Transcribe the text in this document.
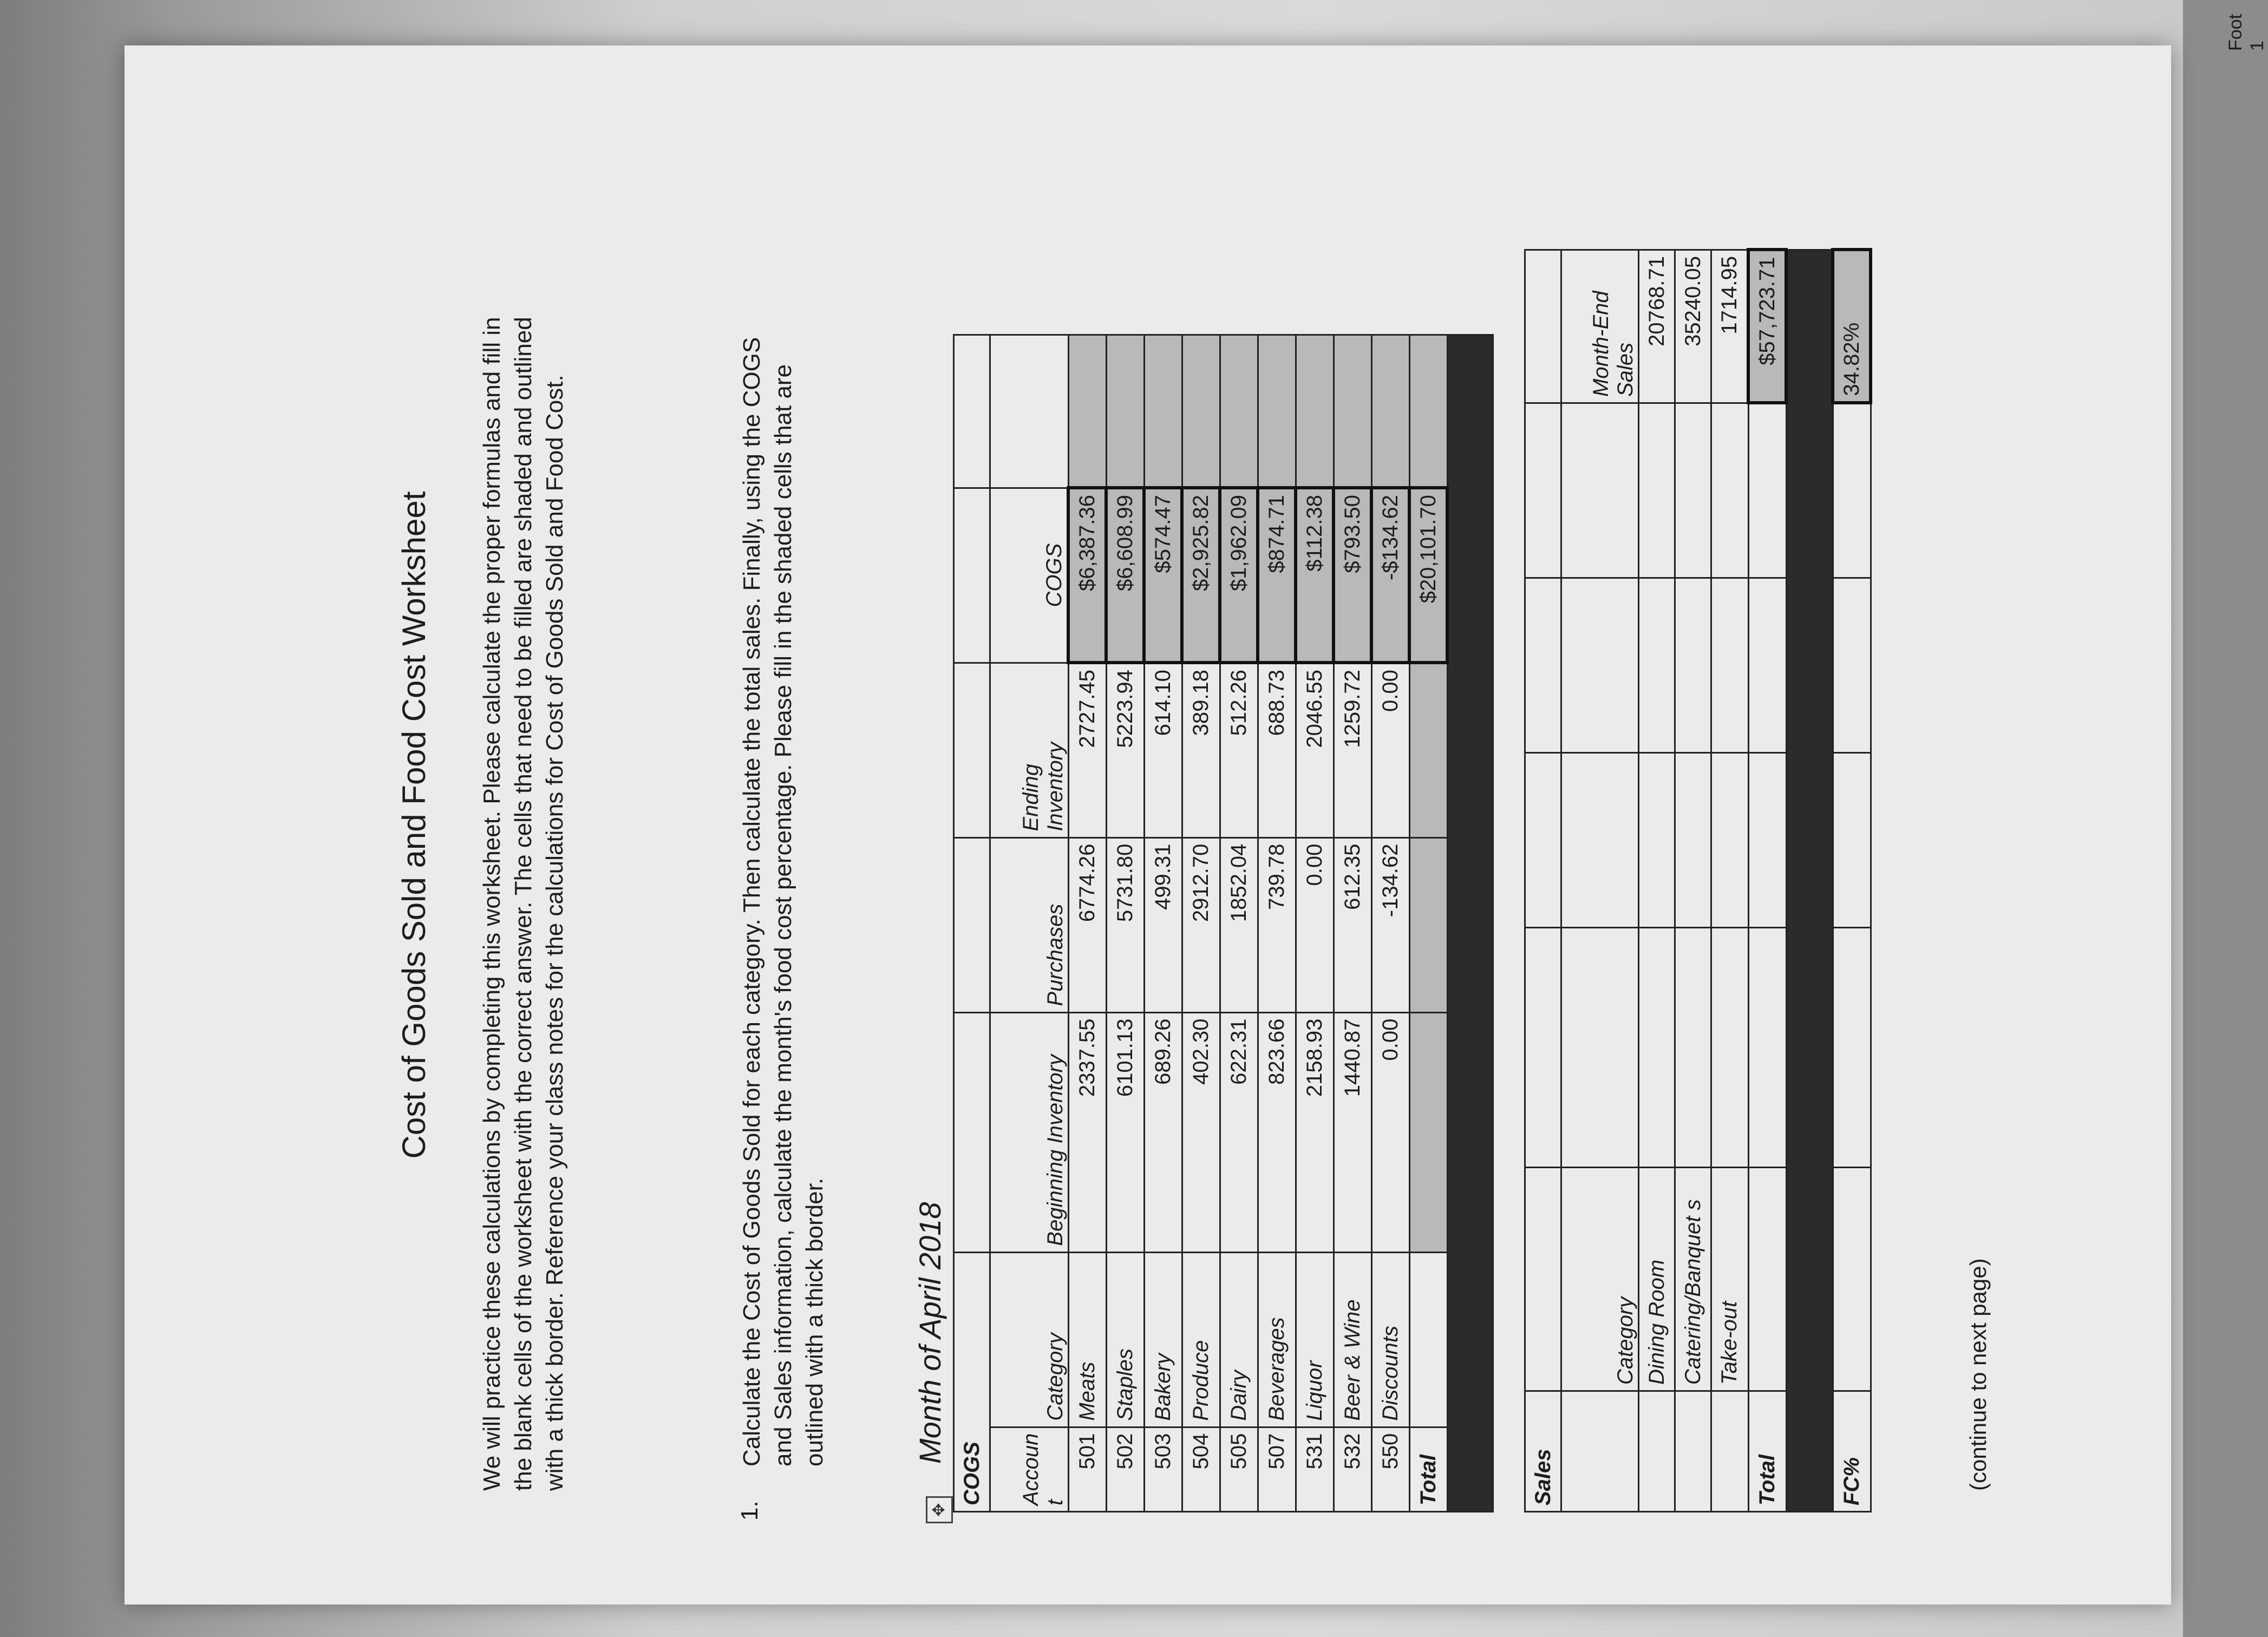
Cost of Goods Sold and Food Cost Worksheet We will practice these calculations by completing this worksheet. Please calculate the proper formulas and fill in the blank cells of the worksheet with the correct answer. The cells that need to be filled are shaded and outlined with a thick border. Reference your class notes for the calculations for Cost of Goods Sold and Food Cost.
1.
Calculate the Cost of Goods Sold for each category. Then calculate the total sales. Finally, using the COGS and Sales information, calculate the month's food cost percentage. Please fill in the shaded cells that are outlined with a thick border.
✥
Month of April 2018
COGS						
Accoun t	Category	Beginning Inventory	Purchases	Ending Inventory	COGS	
501	Meats	2337.55	6774.26	2727.45	$6,387.36	
502	Staples	6101.13	5731.80	5223.94	$6,608.99	
503	Bakery	689.26	499.31	614.10	$574.47	
504	Produce	402.30	2912.70	389.18	$2,925.82	
505	Dairy	622.31	1852.04	512.26	$1,962.09	
507	Beverages	823.66	739.78	688.73	$874.71	
531	Liquor	2158.93	0.00	2046.55	$112.38	
532	Beer & Wine	1440.87	612.35	1259.72	$793.50	
550	Discounts	0.00	-134.62	0.00	-$134.62	
Total					$20,101.70	

Sales						
	Category					Month-End Sales
	Dining Room					20768.71
	Catering/Banquet s					35240.05
	Take-out					1714.95
Total						$57,723.71

FC%						34.82%
(continue to next page)
Foot 1
